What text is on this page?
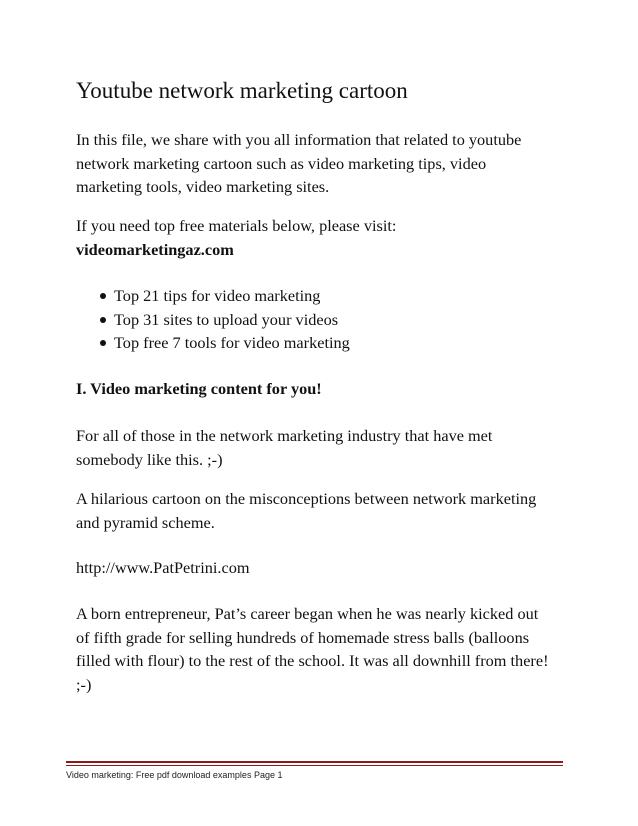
Youtube network marketing cartoon

In this file, we share with you all information that related to youtube
network marketing cartoon such as video marketing tips, video
marketing tools, video marketing sites.

If you need top free materials below, please visit:
videomarketingaz.com

Top 21 tips for video marketing
Top 31 sites to upload your videos
Top free 7 tools for video marketing

I. Video marketing content for you!

For all of those in the network marketing industry that have met
somebody like this. ;-)

A hilarious cartoon on the misconceptions between network marketing
and pyramid scheme.

http://www.PatPetrini.com

A born entrepreneur, Pat’s career began when he was nearly kicked out
of fifth grade for selling hundreds of homemade stress balls (balloons
filled with flour) to the rest of the school. It was all downhill from there!
;-)

Video marketing: Free pdf download examples Page 1
